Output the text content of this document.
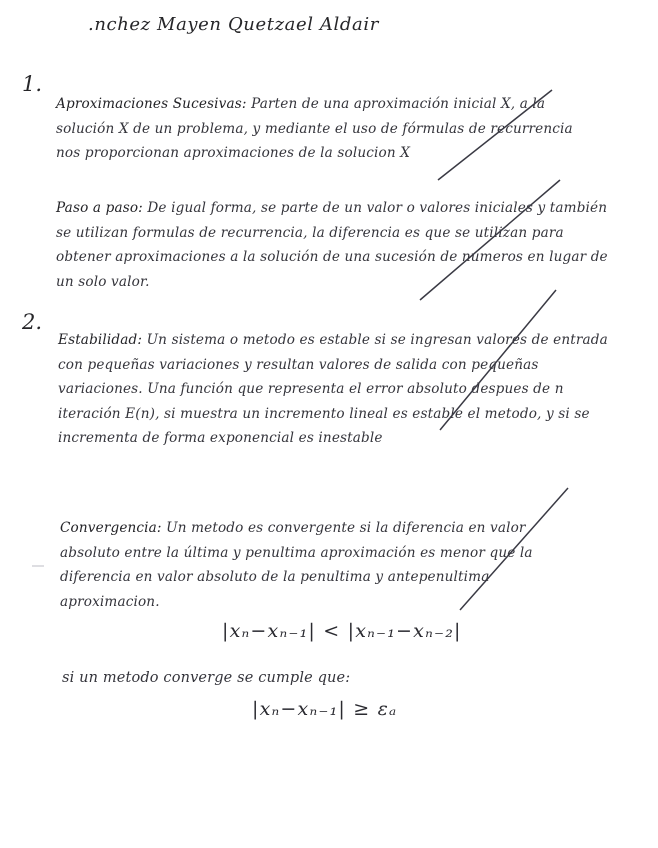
.nchez Mayen Quetzael Aldair
1.

Aproximaciones Sucesivas: Parten de una aproximación inicial X, a la solución X de un problema, y mediante el uso de fórmulas de recurrencia nos proporcionan aproximaciones de la solucion X

Paso a paso: De igual forma, se parte de un valor o valores iniciales y también se utilizan formulas de recurrencia, la diferencia es que se utilizan para obtener aproximaciones a la solución de una sucesión de numeros en lugar de un solo valor.

2.

Estabilidad: Un sistema o metodo es estable si se ingresan valores de entrada con pequeñas variaciones y resultan valores de salida con pequeñas variaciones. Una función que representa el error absoluto despues de n iteración E(n), si muestra un incremento lineal es estable el metodo, y si se incrementa de forma exponencial es inestable

Convergencia: Un metodo es convergente si la diferencia en valor absoluto entre la última y penultima aproximación es menor que la diferencia en valor absoluto de la penultima y antepenultima aproximacion.

|xₙ−xₙ₋₁| < |xₙ₋₁−xₙ₋₂|
si un metodo converge se cumple que:
|xₙ−xₙ₋₁| ≥ εₐ
